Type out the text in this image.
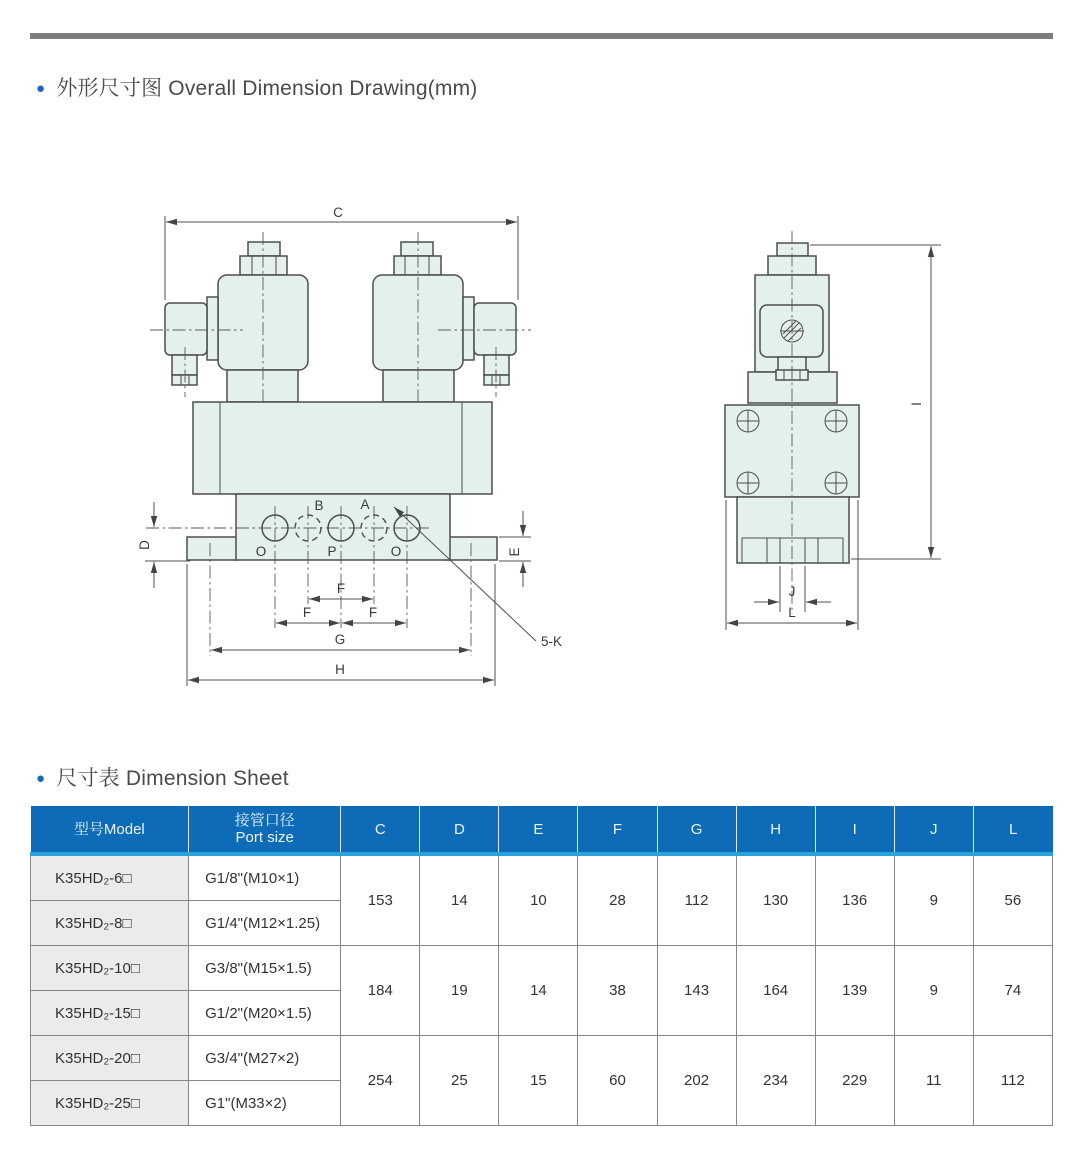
● 外形尺寸图 Overall Dimension Drawing(mm)
C
B	A
O	P	O
D
E
F
F	F
G
H
5-K
J
L
I
● 尺寸表 Dimension Sheet
型号Model	接管口径
Port size	C	D	E	F	G	H	I	J	L
K35HD₂-6□	G1/8"(M10×1)	153	14	10	28	112	130	136	9	56
K35HD₂-8□	G1/4"(M12×1.25)									
K35HD₂-10□	G3/8"(M15×1.5)	184	19	14	38	143	164	139	9	74
K35HD₂-15□	G1/2"(M20×1.5)									
K35HD₂-20□	G3/4"(M27×2)	254	25	15	60	202	234	229	11	112
K35HD₂-25□	G1"(M33×2)									
